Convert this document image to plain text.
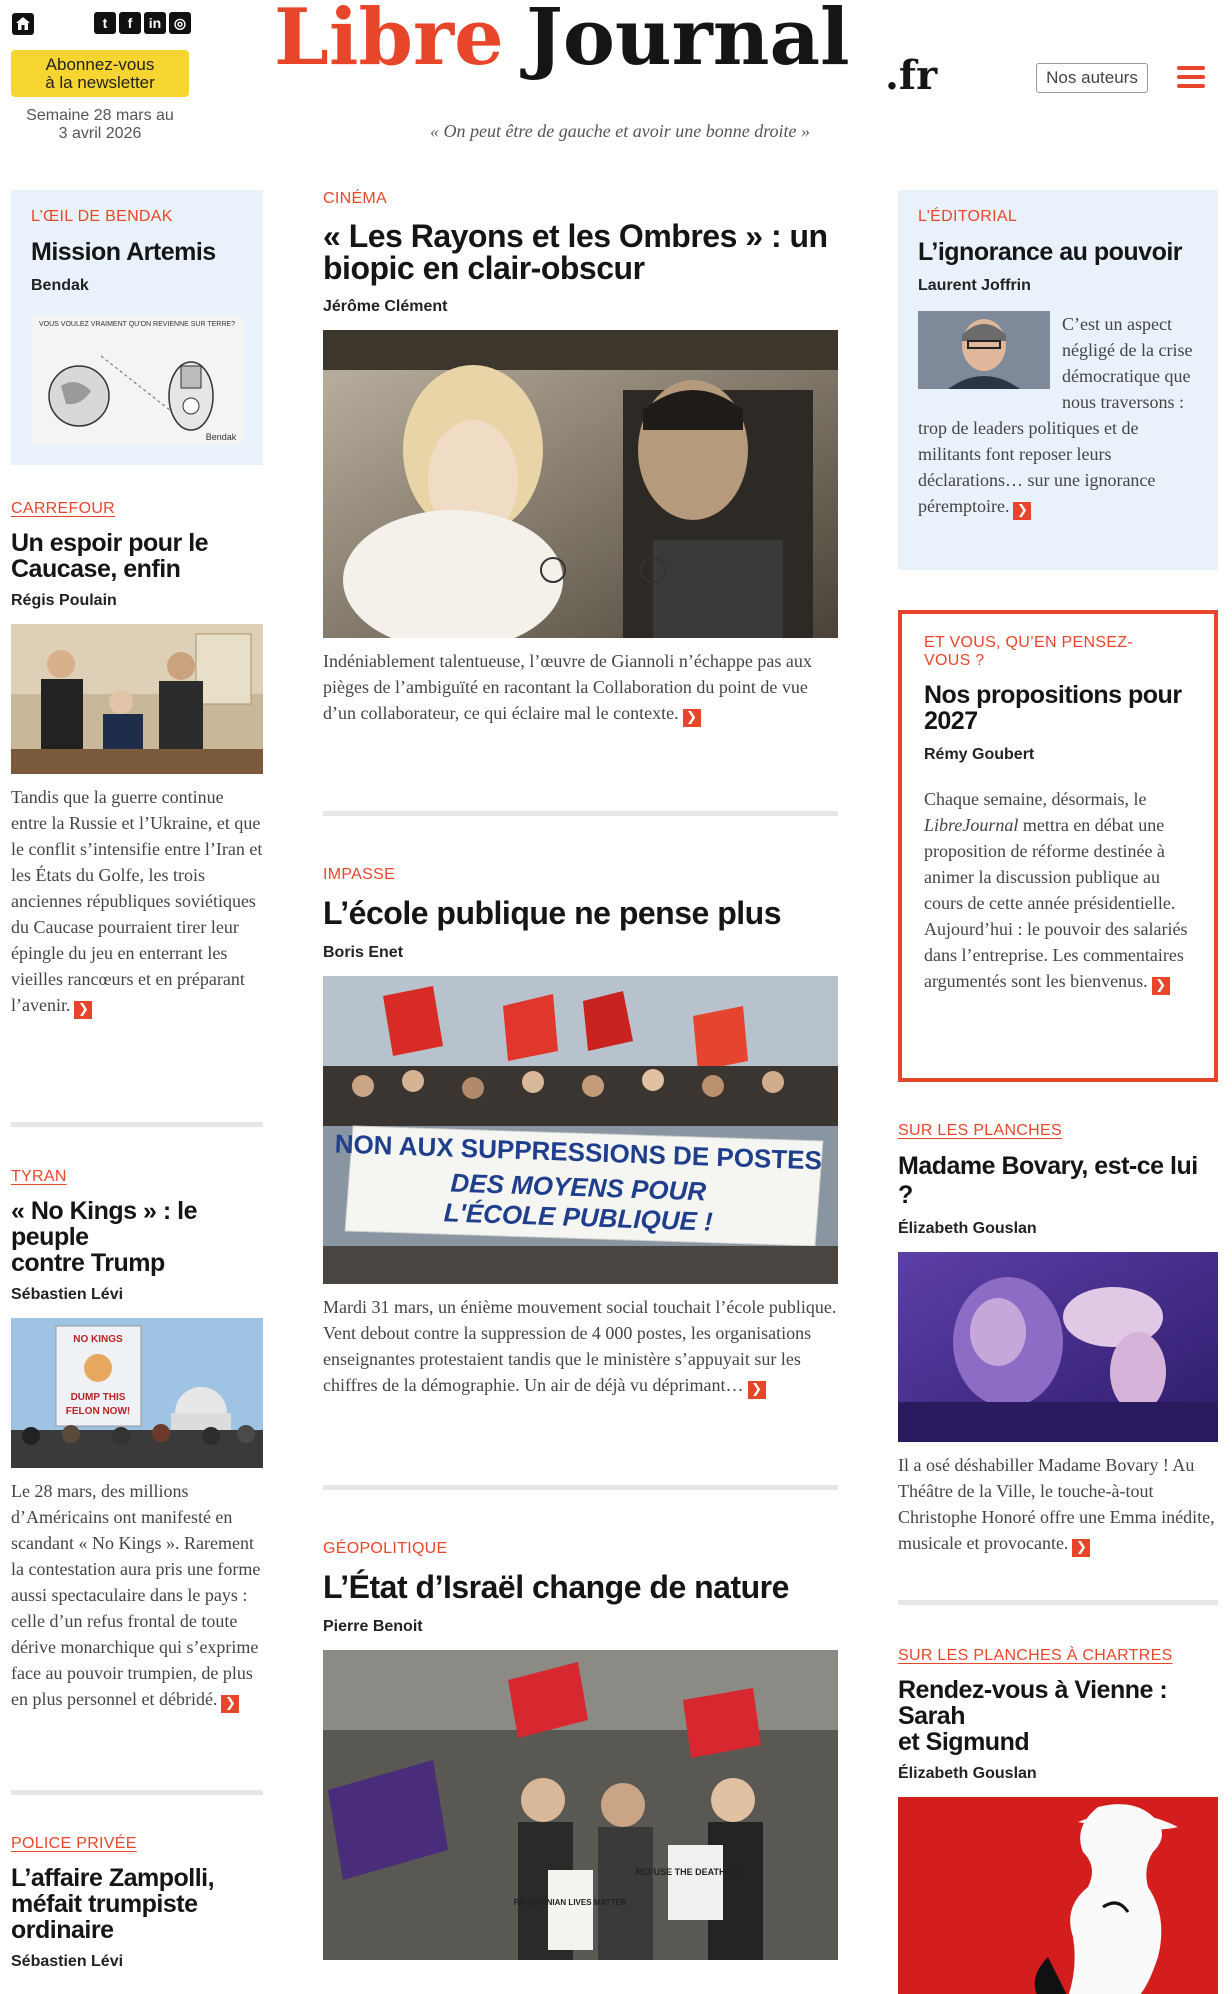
t	f	in ◎
Abonnez-vous
à la newsletter
Semaine 28 mars au
3 avril 2026
Libre Journal .fr
« On peut être de gauche et avoir une bonne droite »
Nos auteurs
L’ŒIL DE BENDAK
Mission Artemis
Bendak
VOUS VOULEZ VRAIMENT QU'ON REVIENNE SUR TERRE?
Bendak
CARREFOUR
Un espoir pour le
Caucase, enfin
Régis Poulain
Tandis que la guerre continue entre la Russie et l’Ukraine, et que le conflit s’intensifie entre l’Iran et les États du Golfe, les trois anciennes républiques soviétiques du Caucase pourraient tirer leur épingle du jeu en enterrant les vieilles rancœurs et en préparant l’avenir. ❯
TYRAN
« No Kings » : le peuple
contre Trump
Sébastien Lévi
NO KINGS
DUMP THIS
FELON NOW!
Le 28 mars, des millions d’Américains ont manifesté en scandant « No Kings ». Rarement la contestation aura pris une forme aussi spectaculaire dans le pays : celle d’un refus frontal de toute dérive monarchique qui s’exprime face au pouvoir trumpien, de plus en plus personnel et débridé. ❯
POLICE PRIVÉE
L’affaire Zampolli,
méfait trumpiste
ordinaire
Sébastien Lévi
CINÉMA
« Les Rayons et les Ombres » : un
biopic en clair-obscur
Jérôme Clément
Indéniablement talentueuse, l’œuvre de Giannoli n’échappe pas aux pièges de l’ambiguïté en racontant la Collaboration du point de vue d’un collaborateur, ce qui éclaire mal le contexte. ❯
IMPASSE
L’école publique ne pense plus
Boris Enet
NON AUX SUPPRESSIONS DE POSTES
DES MOYENS POUR
L'ÉCOLE PUBLIQUE !
Mardi 31 mars, un énième mouvement social touchait l’école publique. Vent debout contre la suppression de 4 000 postes, les organisations enseignantes protestaient tandis que le ministère s’appuyait sur les chiffres de la démographie. Un air de déjà vu déprimant… ❯
GÉOPOLITIQUE
L’État d’Israël change de nature
Pierre Benoit
REFUSE THE DEATH CULT!
PALESTINIAN LIVES MATTER
L’ÉDITORIAL
L’ignorance au pouvoir
Laurent Joffrin
C’est un aspect négligé de la crise démocratique que nous traversons : trop de leaders politiques et de militants font reposer leurs déclarations… sur une ignorance péremptoire. ❯
ET VOUS, QU’EN PENSEZ-
VOUS ?
Nos propositions pour
2027
Rémy Goubert
Chaque semaine, désormais, le LibreJournal mettra en débat une proposition de réforme destinée à animer la discussion publique au cours de cette année présidentielle. Aujourd’hui : le pouvoir des salariés dans l’entreprise. Les commentaires argumentés sont les bienvenus. ❯
SUR LES PLANCHES
Madame Bovary, est-ce lui ?
Élizabeth Gouslan
Il a osé déshabiller Madame Bovary ! Au Théâtre de la Ville, le touche-à-tout Christophe Honoré offre une Emma inédite, musicale et provocante. ❯
SUR LES PLANCHES À CHARTRES
Rendez-vous à Vienne : Sarah
et Sigmund
Élizabeth Gouslan
